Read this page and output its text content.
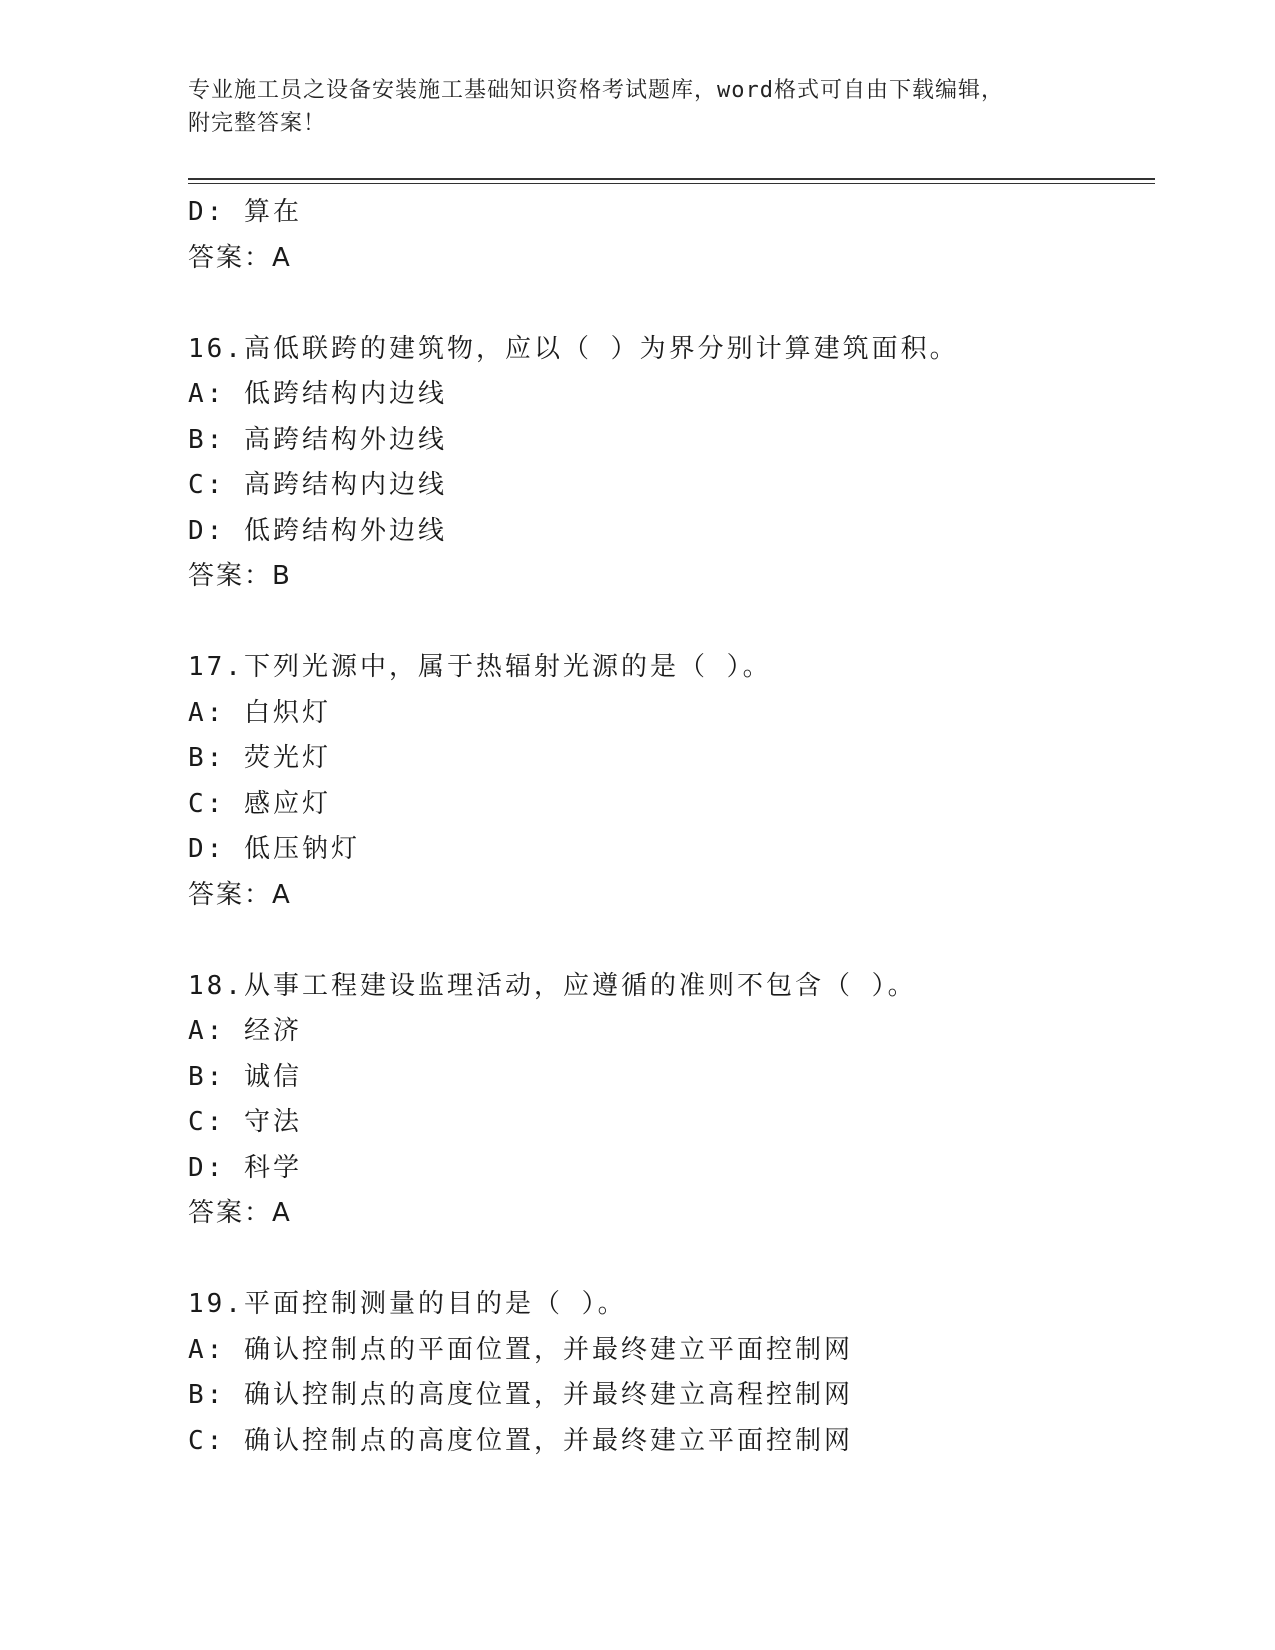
专业施工员之设备安装施工基础知识资格考试题库，word格式可自由下载编辑，
附完整答案！
D: 算在
答案：A
16.高低联跨的建筑物，应以（ ）为界分别计算建筑面积。
A: 低跨结构内边线
B: 高跨结构外边线
C: 高跨结构内边线
D: 低跨结构外边线
答案：B
17.下列光源中，属于热辐射光源的是（ ）。
A: 白炽灯
B: 荧光灯
C: 感应灯
D: 低压钠灯
答案：A
18.从事工程建设监理活动，应遵循的准则不包含（ ）。
A: 经济
B: 诚信
C: 守法
D: 科学
答案：A
19.平面控制测量的目的是（ ）。
A: 确认控制点的平面位置，并最终建立平面控制网
B: 确认控制点的高度位置，并最终建立高程控制网
C: 确认控制点的高度位置，并最终建立平面控制网
